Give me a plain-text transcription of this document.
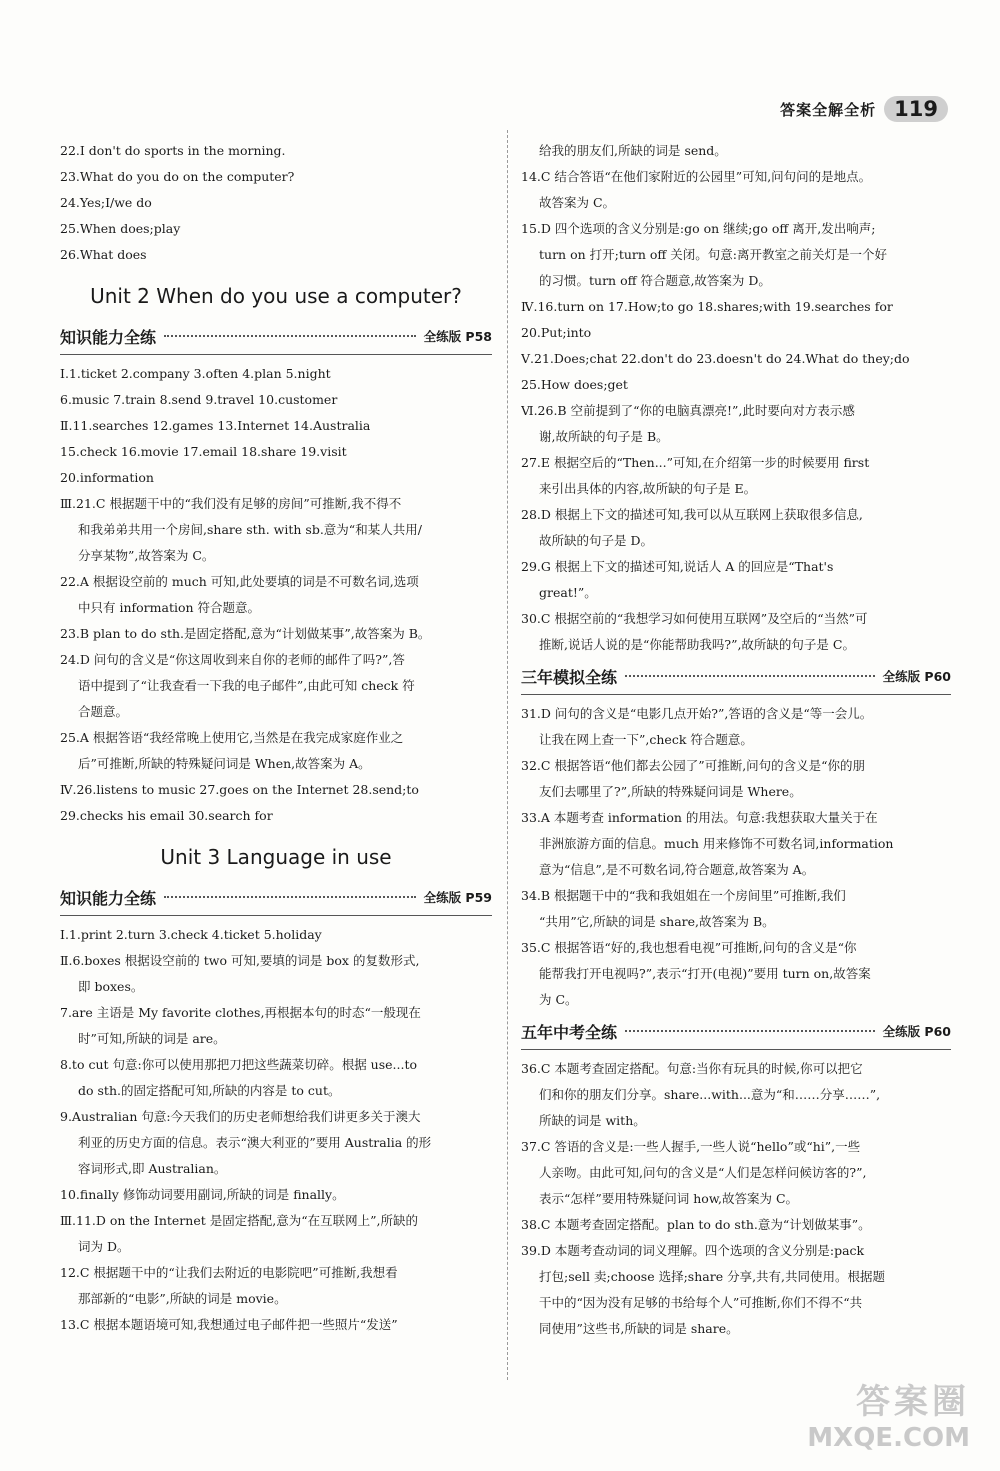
答案全解全析 119
22.I don't do sports in the morning.
23.What do you do on the computer?
24.Yes;I/we do
25.When does;play
26.What does
Unit 2 When do you use a computer?
知识能力全练	全练版 P58
Ⅰ.1.ticket 2.company 3.often 4.plan 5.night
6.music 7.train 8.send 9.travel 10.customer
Ⅱ.11.searches 12.games 13.Internet 14.Australia
15.check 16.movie 17.email 18.share 19.visit
20.information
Ⅲ.21.C 根据题干中的“我们没有足够的房间”可推断,我不得不
和我弟弟共用一个房间,share sth. with sb.意为“和某人共用/
分享某物”,故答案为 C。
22.A 根据设空前的 much 可知,此处要填的词是不可数名词,选项
中只有 information 符合题意。
23.B plan to do sth.是固定搭配,意为“计划做某事”,故答案为 B。
24.D 问句的含义是“你这周收到来自你的老师的邮件了吗?”,答
语中提到了“让我查看一下我的电子邮件”,由此可知 check 符
合题意。
25.A 根据答语“我经常晚上使用它,当然是在我完成家庭作业之
后”可推断,所缺的特殊疑问词是 When,故答案为 A。
Ⅳ.26.listens to music 27.goes on the Internet 28.send;to
29.checks his email 30.search for
Unit 3 Language in use
知识能力全练	全练版 P59
Ⅰ.1.print 2.turn 3.check 4.ticket 5.holiday
Ⅱ.6.boxes 根据设空前的 two 可知,要填的词是 box 的复数形式,
即 boxes。
7.are 主语是 My favorite clothes,再根据本句的时态“一般现在
时”可知,所缺的词是 are。
8.to cut 句意:你可以使用那把刀把这些蔬菜切碎。根据 use...to
do sth.的固定搭配可知,所缺的内容是 to cut。
9.Australian 句意:今天我们的历史老师想给我们讲更多关于澳大
利亚的历史方面的信息。表示“澳大利亚的”要用 Australia 的形
容词形式,即 Australian。
10.finally 修饰动词要用副词,所缺的词是 finally。
Ⅲ.11.D on the Internet 是固定搭配,意为“在互联网上”,所缺的
词为 D。
12.C 根据题干中的“让我们去附近的电影院吧”可推断,我想看
那部新的“电影”,所缺的词是 movie。
13.C 根据本题语境可知,我想通过电子邮件把一些照片“发送”
给我的朋友们,所缺的词是 send。
14.C 结合答语“在他们家附近的公园里”可知,问句问的是地点。
故答案为 C。
15.D 四个选项的含义分别是:go on 继续;go off 离开,发出响声;
turn on 打开;turn off 关闭。句意:离开教室之前关灯是一个好
的习惯。turn off 符合题意,故答案为 D。
Ⅳ.16.turn on 17.How;to go 18.shares;with 19.searches for
20.Put;into
Ⅴ.21.Does;chat 22.don't do 23.doesn't do 24.What do they;do
25.How does;get
Ⅵ.26.B 空前提到了“你的电脑真漂亮!”,此时要向对方表示感
谢,故所缺的句子是 B。
27.E 根据空后的“Then...”可知,在介绍第一步的时候要用 first
来引出具体的内容,故所缺的句子是 E。
28.D 根据上下文的描述可知,我可以从互联网上获取很多信息,
故所缺的句子是 D。
29.G 根据上下文的描述可知,说话人 A 的回应是“That's
great!”。
30.C 根据空前的“我想学习如何使用互联网”及空后的“当然”可
推断,说话人说的是“你能帮助我吗?”,故所缺的句子是 C。
三年模拟全练	全练版 P60
31.D 问句的含义是“电影几点开始?”,答语的含义是“等一会儿。
让我在网上查一下”,check 符合题意。
32.C 根据答语“他们都去公园了”可推断,问句的含义是“你的朋
友们去哪里了?”,所缺的特殊疑问词是 Where。
33.A 本题考查 information 的用法。句意:我想获取大量关于在
非洲旅游方面的信息。much 用来修饰不可数名词,information
意为“信息”,是不可数名词,符合题意,故答案为 A。
34.B 根据题干中的“我和我姐姐在一个房间里”可推断,我们
“共用”它,所缺的词是 share,故答案为 B。
35.C 根据答语“好的,我也想看电视”可推断,问句的含义是“你
能帮我打开电视吗?”,表示“打开(电视)”要用 turn on,故答案
为 C。
五年中考全练	全练版 P60
36.C 本题考查固定搭配。句意:当你有玩具的时候,你可以把它
们和你的朋友们分享。share...with...意为“和……分享……”,
所缺的词是 with。
37.C 答语的含义是:一些人握手,一些人说“hello”或“hi”,一些
人亲吻。由此可知,问句的含义是“人们是怎样问候访客的?”,
表示“怎样”要用特殊疑问词 how,故答案为 C。
38.C 本题考查固定搭配。plan to do sth.意为“计划做某事”。
39.D 本题考查动词的词义理解。四个选项的含义分别是:pack
打包;sell 卖;choose 选择;share 分享,共有,共同使用。根据题
干中的“因为没有足够的书给每个人”可推断,你们不得不“共
同使用”这些书,所缺的词是 share。
答案圈
MXQE.COM
